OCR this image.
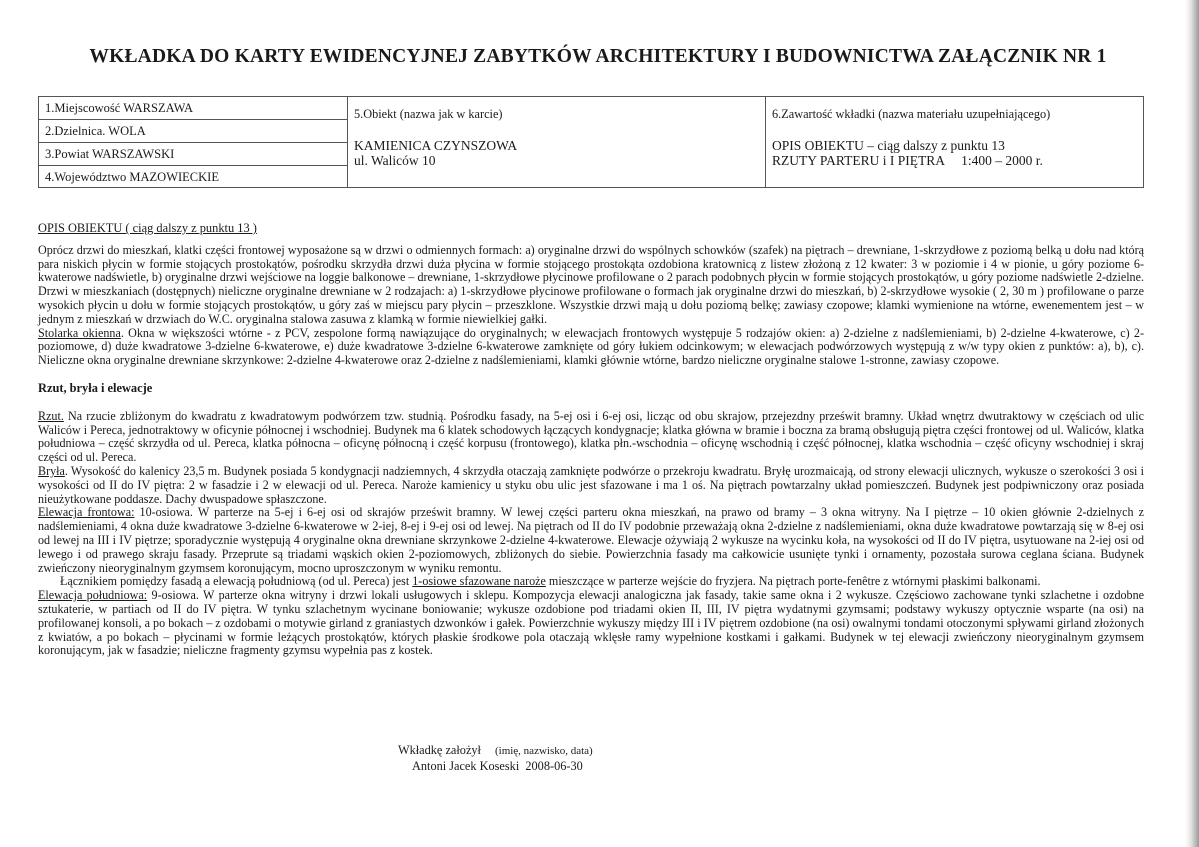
WKŁADKA DO KARTY EWIDENCYJNEJ ZABYTKÓW ARCHITEKTURY I BUDOWNICTWA ZAŁĄCZNIK NR 1
1.Miejscowość WARSZAWA
2.Dzielnica. WOLA
3.Powiat WARSZAWSKI
4.Województwo MAZOWIECKIE
5.Obiekt (nazwa jak w karcie)
KAMIENICA CZYNSZOWA
ul. Waliców 10
6.Zawartość wkładki (nazwa materiału uzupełniającego)
OPIS OBIEKTU – ciąg dalszy z punktu 13
RZUTY PARTERU i I PIĘTRA     1:400 – 2000 r.
OPIS OBIEKTU ( ciąg dalszy z punktu 13 )

Oprócz drzwi do mieszkań, klatki części frontowej wyposażone są w drzwi o odmiennych formach: a) oryginalne drzwi do wspólnych schowków (szafek) na piętrach – drewniane, 1-skrzydłowe z poziomą belką u dołu nad którą para niskich płycin w formie stojących prostokątów, pośrodku skrzydła drzwi duża płycina w formie stojącego prostokąta ozdobiona kratownicą z listew złożoną z 12 kwater: 3 w poziomie i 4 w pionie, u góry poziome 6-kwaterowe nadświetle, b) oryginalne drzwi wejściowe na loggie balkonowe – drewniane, 1-skrzydłowe płycinowe profilowane o 2 parach podobnych płycin w formie stojących prostokątów, u góry poziome nadświetle 2-dzielne. Drzwi w mieszkaniach (dostępnych) nieliczne oryginalne drewniane w 2 rodzajach: a) 1-skrzydłowe płycinowe profilowane o formach jak oryginalne drzwi do mieszkań, b) 2-skrzydłowe wysokie ( 2, 30 m ) profilowane o parze wysokich płycin u dołu w formie stojących prostokątów, u góry zaś w miejscu pary płycin – przeszklone. Wszystkie drzwi mają u dołu poziomą belkę; zawiasy czopowe; klamki wymienione na wtórne, ewenementem jest – w jednym z mieszkań w drzwiach do W.C. oryginalna stalowa zasuwa z klamką w formie niewielkiej gałki.
Stolarka okienna. Okna w większości wtórne - z PCV, zespolone formą nawiązujące do oryginalnych; w elewacjach frontowych występuje 5 rodzajów okien: a) 2-dzielne z nadślemieniami, b) 2-dzielne 4-kwaterowe, c) 2-poziomowe, d) duże kwadratowe 3-dzielne 6-kwaterowe, e) duże kwadratowe 3-dzielne 6-kwaterowe zamknięte od góry łukiem odcinkowym; w elewacjach podwórzowych występują z w/w typy okien z punktów: a), b), c). Nieliczne okna oryginalne drewniane skrzynkowe: 2-dzielne 4-kwaterowe oraz 2-dzielne z nadślemieniami, klamki głównie wtórne, bardzo nieliczne oryginalne stalowe 1-stronne, zawiasy czopowe.

Rzut, bryła i elewacje

Rzut. Na rzucie zbliżonym do kwadratu z kwadratowym podwórzem tzw. studnią. Pośrodku fasady, na 5-ej osi i 6-ej osi, licząc od obu skrajow, przejezdny prześwit bramny. Układ wnętrz dwutraktowy w częściach od ulic Waliców i Pereca, jednotraktowy w oficynie północnej i wschodniej. Budynek ma 6 klatek schodowych łączących kondygnacje; klatka główna w bramie i boczna za bramą obsługują piętra części frontowej od ul. Waliców, klatka południowa – część skrzydła od ul. Pereca, klatka północna – oficynę północną i część korpusu (frontowego), klatka płn.-wschodnia – oficynę wschodnią i część północnej, klatka wschodnia – część oficyny wschodniej i skraj części od ul. Pereca.
Bryła. Wysokość do kalenicy 23,5 m. Budynek posiada 5 kondygnacji nadziemnych, 4 skrzydła otaczają zamknięte podwórze o przekroju kwadratu. Bryłę urozmaicają, od strony elewacji ulicznych, wykusze o szerokości 3 osi i wysokości od II do IV piętra: 2 w fasadzie i 2 w elewacji od ul. Pereca. Naroże kamienicy u styku obu ulic jest sfazowane i ma 1 oś. Na piętrach powtarzalny układ pomieszczeń. Budynek jest podpiwniczony oraz posiada nieużytkowane poddasze. Dachy dwuspadowe spłaszczone.
Elewacja frontowa: 10-osiowa. W parterze na 5-ej i 6-ej osi od skrajów prześwit bramny. W lewej części parteru okna mieszkań, na prawo od bramy – 3 okna witryny. Na I piętrze – 10 okien głównie 2-dzielnych z nadślemieniami, 4 okna duże kwadratowe 3-dzielne 6-kwaterowe w 2-iej, 8-ej i 9-ej osi od lewej. Na piętrach od II do IV podobnie przeważają okna 2-dzielne z nadślemieniami, okna duże kwadratowe powtarzają się w 8-ej osi od lewej na III i IV piętrze; sporadycznie występują 4 oryginalne okna drewniane skrzynkowe 2-dzielne 4-kwaterowe. Elewacje ożywiają 2 wykusze na wycinku koła, na wysokości od II do IV piętra, usytuowane na 2-iej osi od lewego i od prawego skraju fasady. Przeprute są triadami wąskich okien 2-poziomowych, zbliżonych do siebie. Powierzchnia fasady ma całkowicie usunięte tynki i ornamenty, pozostała surowa ceglana ściana. Budynek zwieńczony nieoryginalnym gzymsem koronującym, mocno uproszczonym w wyniku remontu.

Łącznikiem pomiędzy fasadą a elewacją południową (od ul. Pereca) jest 1-osiowe sfazowane naroże mieszczące w parterze wejście do fryzjera. Na piętrach porte-fenêtre z wtórnymi płaskimi balkonami.

Elewacja południowa: 9-osiowa. W parterze okna witryny i drzwi lokali usługowych i sklepu. Kompozycja elewacji analogiczna jak fasady, takie same okna i 2 wykusze. Częściowo zachowane tynki szlachetne i ozdobne sztukaterie, w partiach od II do IV piętra. W tynku szlachetnym wycinane boniowanie; wykusze ozdobione pod triadami okien II, III, IV piętra wydatnymi gzymsami; podstawy wykuszy optycznie wsparte (na osi) na profilowanej konsoli, a po bokach – z ozdobami o motywie girland z graniastych dzwonków i gałek. Powierzchnie wykuszy między III i IV piętrem ozdobione (na osi) owalnymi tondami otoczonymi spływami girland złożonych z kwiatów, a po bokach – płycinami w formie leżących prostokątów, których płaskie środkowe pola otaczają wklęsłe ramy wypełnione kostkami i gałkami. Budynek w tej elewacji zwieńczony nieoryginalnym gzymsem koronującym, jak w fasadzie; nieliczne fragmenty gzymsu wypełnia pas z kostek.

Wkładkę założył (imię, nazwisko, data)
Antoni Jacek Koseski  2008-06-30
